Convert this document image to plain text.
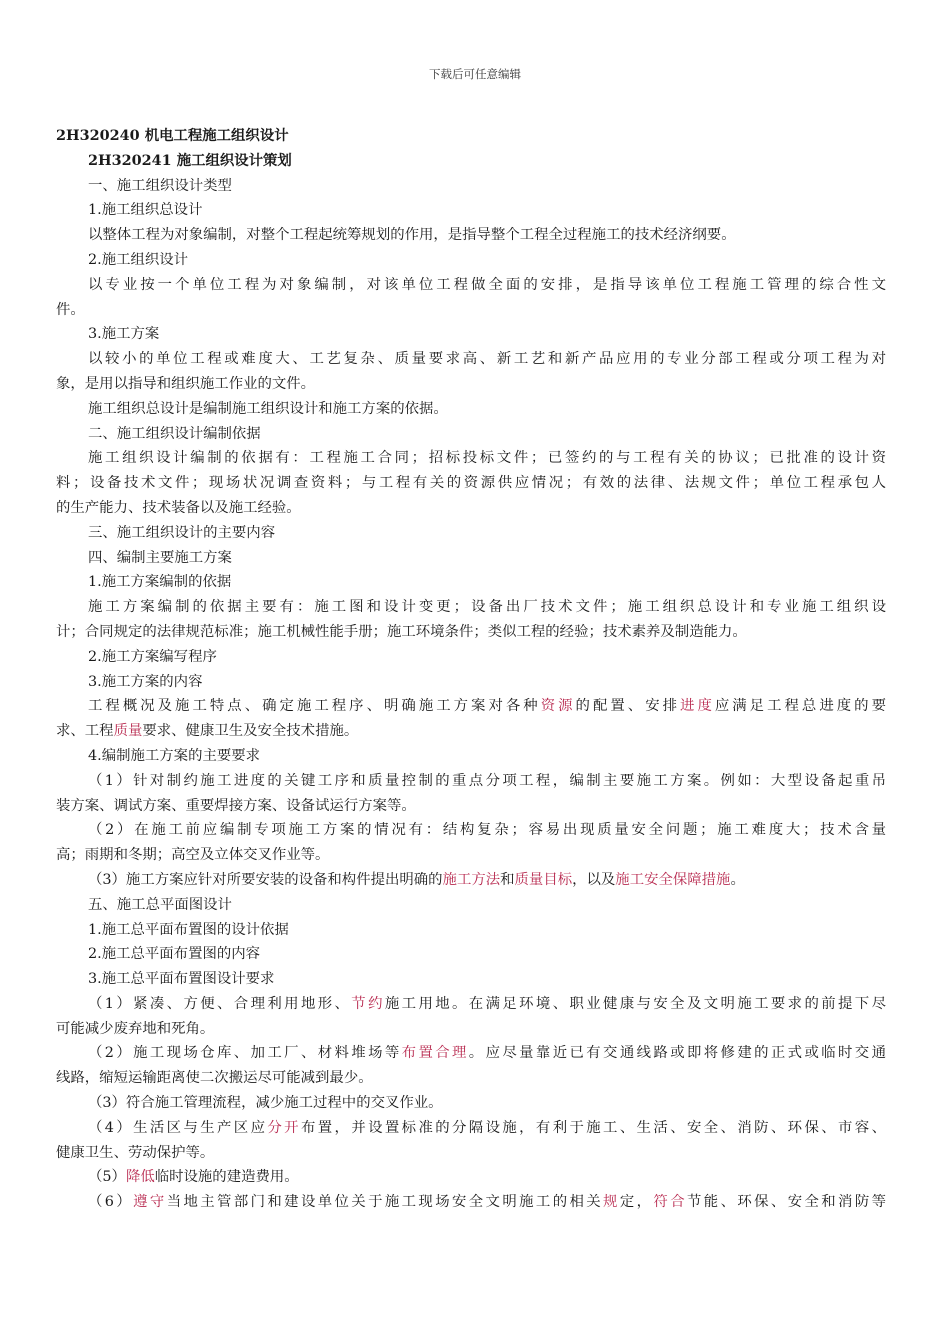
下载后可任意编辑
2H320240 机电工程施工组织设计
2H320241 施工组织设计策划
一、施工组织设计类型
1.施工组织总设计
以整体工程为对象编制，对整个工程起统筹规划的作用，是指导整个工程全过程施工的技术经济纲要。
2.施工组织设计
以专业按一个单位工程为对象编制，对该单位工程做全面的安排，是指导该单位工程施工管理的综合性文
件。
3.施工方案
以较小的单位工程或难度大、工艺复杂、质量要求高、新工艺和新产品应用的专业分部工程或分项工程为对
象，是用以指导和组织施工作业的文件。
施工组织总设计是编制施工组织设计和施工方案的依据。
二、施工组织设计编制依据
施工组织设计编制的依据有：工程施工合同；招标投标文件；已签约的与工程有关的协议；已批准的设计资
料；设备技术文件；现场状况调查资料；与工程有关的资源供应情况；有效的法律、法规文件；单位工程承包人
的生产能力、技术装备以及施工经验。
三、施工组织设计的主要内容
四、编制主要施工方案
1.施工方案编制的依据
施工方案编制的依据主要有：施工图和设计变更；设备出厂技术文件；施工组织总设计和专业施工组织设
计；合同规定的法律规范标准；施工机械性能手册；施工环境条件；类似工程的经验；技术素养及制造能力。
2.施工方案编写程序
3.施工方案的内容
工程概况及施工特点、确定施工程序、明确施工方案对各种资源的配置、安排进度应满足工程总进度的要
求、工程质量要求、健康卫生及安全技术措施。
4.编制施工方案的主要要求
（1）针对制约施工进度的关键工序和质量控制的重点分项工程，编制主要施工方案。例如：大型设备起重吊
装方案、调试方案、重要焊接方案、设备试运行方案等。
（2）在施工前应编制专项施工方案的情况有：结构复杂；容易出现质量安全问题；施工难度大；技术含量
高；雨期和冬期；高空及立体交叉作业等。
（3）施工方案应针对所要安装的设备和构件提出明确的施工方法和质量目标，以及施工安全保障措施。
五、施工总平面图设计
1.施工总平面布置图的设计依据
2.施工总平面布置图的内容
3.施工总平面布置图设计要求
（1）紧凑、方便、合理利用地形、节约施工用地。在满足环境、职业健康与安全及文明施工要求的前提下尽
可能减少废弃地和死角。
（2）施工现场仓库、加工厂、材料堆场等布置合理。应尽量靠近已有交通线路或即将修建的正式或临时交通
线路，缩短运输距离使二次搬运尽可能减到最少。
（3）符合施工管理流程，减少施工过程中的交叉作业。
（4）生活区与生产区应分开布置，并设置标准的分隔设施，有利于施工、生活、安全、消防、环保、市容、
健康卫生、劳动保护等。
（5）降低临时设施的建造费用。
（6）遵守当地主管部门和建设单位关于施工现场安全文明施工的相关规定，符合节能、环保、安全和消防等
